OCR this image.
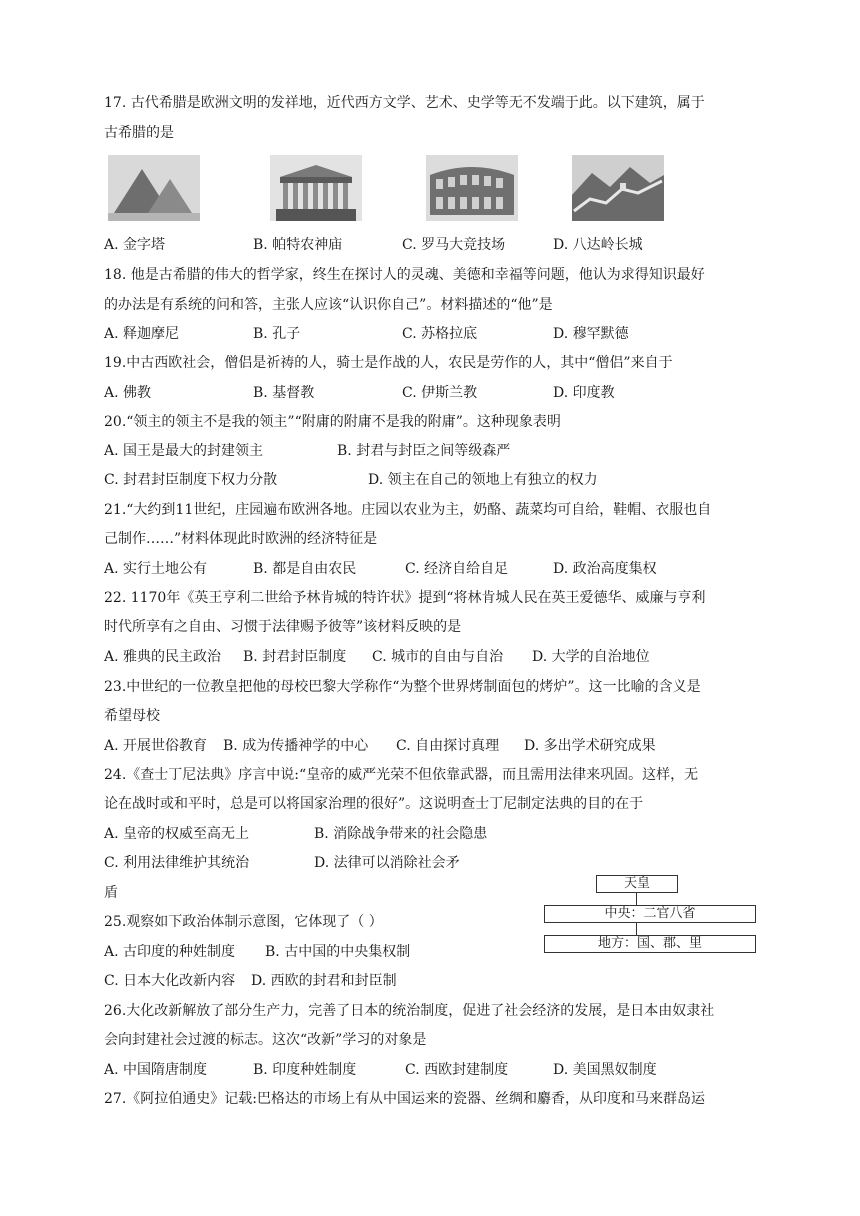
17. 古代希腊是欧洲文明的发祥地，近代西方文学、艺术、史学等无不发端于此。以下建筑，属于
古希腊的是
A. 金字塔	B. 帕特农神庙	C. 罗马大竞技场	D. 八达岭长城
18. 他是古希腊的伟大的哲学家，终生在探讨人的灵魂、美德和幸福等问题，他认为求得知识最好
的办法是有系统的问和答，主张人应该“认识你自己”。材料描述的“他”是
A. 释迦摩尼	B. 孔子	C. 苏格拉底	D. 穆罕默德
19.中古西欧社会，僧侣是祈祷的人，骑士是作战的人，农民是劳作的人，其中“僧侣”来自于
A. 佛教	B. 基督教	C. 伊斯兰教	D. 印度教
20.“领主的领主不是我的领主”“附庸的附庸不是我的附庸”。这种现象表明
A. 国王是最大的封建领主	B. 封君与封臣之间等级森严
C. 封君封臣制度下权力分散	D. 领主在自己的领地上有独立的权力
21.“大约到11世纪，庄园遍布欧洲各地。庄园以农业为主，奶酪、蔬菜均可自给，鞋帽、衣服也自
己制作……”材料体现此时欧洲的经济特征是
A. 实行土地公有	B. 都是自由农民	C. 经济自给自足	D. 政治高度集权
22. 1170年《英王亨利二世给予林肯城的特许状》提到“将林肯城人民在英王爱德华、威廉与亨利
时代所享有之自由、习惯于法律赐予彼等”该材料反映的是
A. 雅典的民主政治 B. 封君封臣制度 C. 城市的自由与自治 D. 大学的自治地位
23.中世纪的一位教皇把他的母校巴黎大学称作“为整个世界烤制面包的烤炉”。这一比喻的含义是
希望母校
A. 开展世俗教育 B. 成为传播神学的中心 C. 自由探讨真理 D. 多出学术研究成果
24.《查士丁尼法典》序言中说:“皇帝的威严光荣不但依靠武器，而且需用法律来巩固。这样，无
论在战时或和平时，总是可以将国家治理的很好”。这说明查士丁尼制定法典的目的在于
A. 皇帝的权威至高无上	B. 消除战争带来的社会隐患
C. 利用法律维护其统治	D. 法律可以消除社会矛
盾
25.观察如下政治体制示意图，它体现了（ ）
A. 古印度的种姓制度 B. 古中国的中央集权制
C. 日本大化改新内容 D. 西欧的封君和封臣制
天皇
中央：二官八省
地方：国、郡、里
26.大化改新解放了部分生产力，完善了日本的统治制度，促进了社会经济的发展，是日本由奴隶社
会向封建社会过渡的标志。这次“改新”学习的对象是
A. 中国隋唐制度	B. 印度种姓制度	C. 西欧封建制度	D. 美国黑奴制度
27.《阿拉伯通史》记载:巴格达的市场上有从中国运来的瓷器、丝绸和麝香，从印度和马来群岛运
